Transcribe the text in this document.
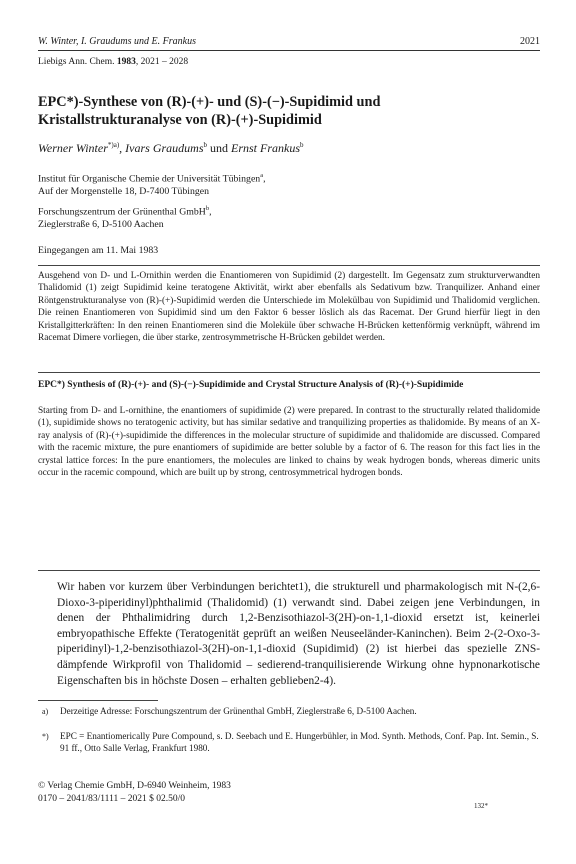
W. Winter, I. Graudums und E. Frankus	2021
Liebigs Ann. Chem. 1983, 2021 – 2028
EPC*)-Synthese von (R)-(+)- und (S)-(−)-Supidimid und
Kristallstrukturanalyse von (R)-(+)-Supidimid
Werner Winter$^{*)a)}$, Ivars Graudums$^b$ und Ernst Frankus$^b$
Institut für Organische Chemie der Universität Tübingen$^a$,
Auf der Morgenstelle 18, D-7400 Tübingen
Forschungszentrum der Grünenthal GmbH$^b$,
Zieglerstraße 6, D-5100 Aachen
Eingegangen am 11. Mai 1983
Ausgehend von D- und L-Ornithin werden die Enantiomeren von Supidimid (2) dargestellt. Im Gegensatz zum strukturverwandten Thalidomid (1) zeigt Supidimid keine teratogene Aktivität, wirkt aber ebenfalls als Sedativum bzw. Tranquilizer. Anhand einer Röntgenstrukturanalyse von (R)-(+)-Supidimid werden die Unterschiede im Molekülbau von Supidimid und Thalidomid verglichen. Die reinen Enantiomeren von Supidimid sind um den Faktor 6 besser löslich als das Racemat. Der Grund hierfür liegt in den Kristallgitterkräften: In den reinen Enantiomeren sind die Moleküle über schwache H-Brücken kettenförmig verknüpft, während im Racemat Dimere vorliegen, die über starke, zentrosymmetrische H-Brücken gebildet werden.
EPC*) Synthesis of (R)-(+)- and (S)-(−)-Supidimide and Crystal Structure Analysis of (R)-(+)-Supidimide
Starting from D- and L-ornithine, the enantiomers of supidimide (2) were prepared. In contrast to the structurally related thalidomide (1), supidimide shows no teratogenic activity, but has similar sedative and tranquilizing properties as thalidomide. By means of an X-ray analysis of (R)-(+)-supidimide the differences in the molecular structure of supidimide and thalidomide are discussed. Compared with the racemic mixture, the pure enantiomers of supidimide are better soluble by a factor of 6. The reason for this fact lies in the crystal lattice forces: In the pure enantiomers, the molecules are linked to chains by weak hydrogen bonds, whereas dimeric units occur in the racemic compound, which are built up by strong, centrosymmetrical hydrogen bonds.
Wir haben vor kurzem über Verbindungen berichtet1), die strukturell und pharmakologisch mit N-(2,6-Dioxo-3-piperidinyl)phthalimid (Thalidomid) (1) verwandt sind. Dabei zeigen jene Verbindungen, in denen der Phthalimidring durch 1,2-Benzisothiazol-3(2H)-on-1,1-dioxid ersetzt ist, keinerlei embryopathische Effekte (Teratogenität geprüft an weißen Neuseeländer-Kaninchen). Beim 2-(2-Oxo-3-piperidinyl)-1,2-benzisothiazol-3(2H)-on-1,1-dioxid (Supidimid) (2) ist hierbei das spezielle ZNS-dämpfende Wirkprofil von Thalidomid – sedierend-tranquilisierende Wirkung ohne hypnonarkotische Eigenschaften bis in höchste Dosen – erhalten geblieben2-4).
a)	Derzeitige Adresse: Forschungszentrum der Grünenthal GmbH, Zieglerstraße 6, D-5100 Aachen.
*)	EPC = Enantiomerically Pure Compound, s. D. Seebach und E. Hungerbühler, in Mod. Synth. Methods, Conf. Pap. Int. Semin., S. 91 ff., Otto Salle Verlag, Frankfurt 1980.
© Verlag Chemie GmbH, D-6940 Weinheim, 1983
0170 – 2041/83/1111 – 2021 $ 02.50/0
132*
